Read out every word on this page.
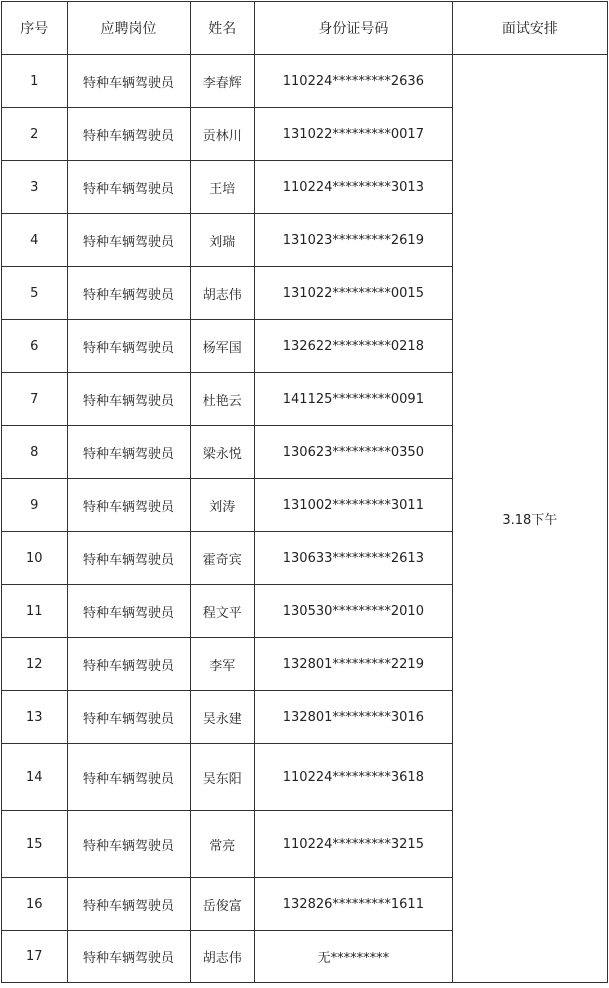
序号	应聘岗位	姓名	身份证号码	面试安排
1	特种车辆驾驶员	李春辉	110224*********2636	3.18下午
2	特种车辆驾驶员	贡林川	131022*********0017	
3	特种车辆驾驶员	王培	110224*********3013	
4	特种车辆驾驶员	刘瑞	131023*********2619	
5	特种车辆驾驶员	胡志伟	131022*********0015	
6	特种车辆驾驶员	杨军国	132622*********0218	
7	特种车辆驾驶员	杜艳云	141125*********0091	
8	特种车辆驾驶员	梁永悦	130623*********0350	
9	特种车辆驾驶员	刘涛	131002*********3011	
10	特种车辆驾驶员	霍奇宾	130633*********2613	
11	特种车辆驾驶员	程文平	130530*********2010	
12	特种车辆驾驶员	李军	132801*********2219	
13	特种车辆驾驶员	吴永建	132801*********3016	
14	特种车辆驾驶员	吴东阳	110224*********3618	
15	特种车辆驾驶员	常亮	110224*********3215	
16	特种车辆驾驶员	岳俊富	132826*********1611	
17	特种车辆驾驶员	胡志伟	无*********	
